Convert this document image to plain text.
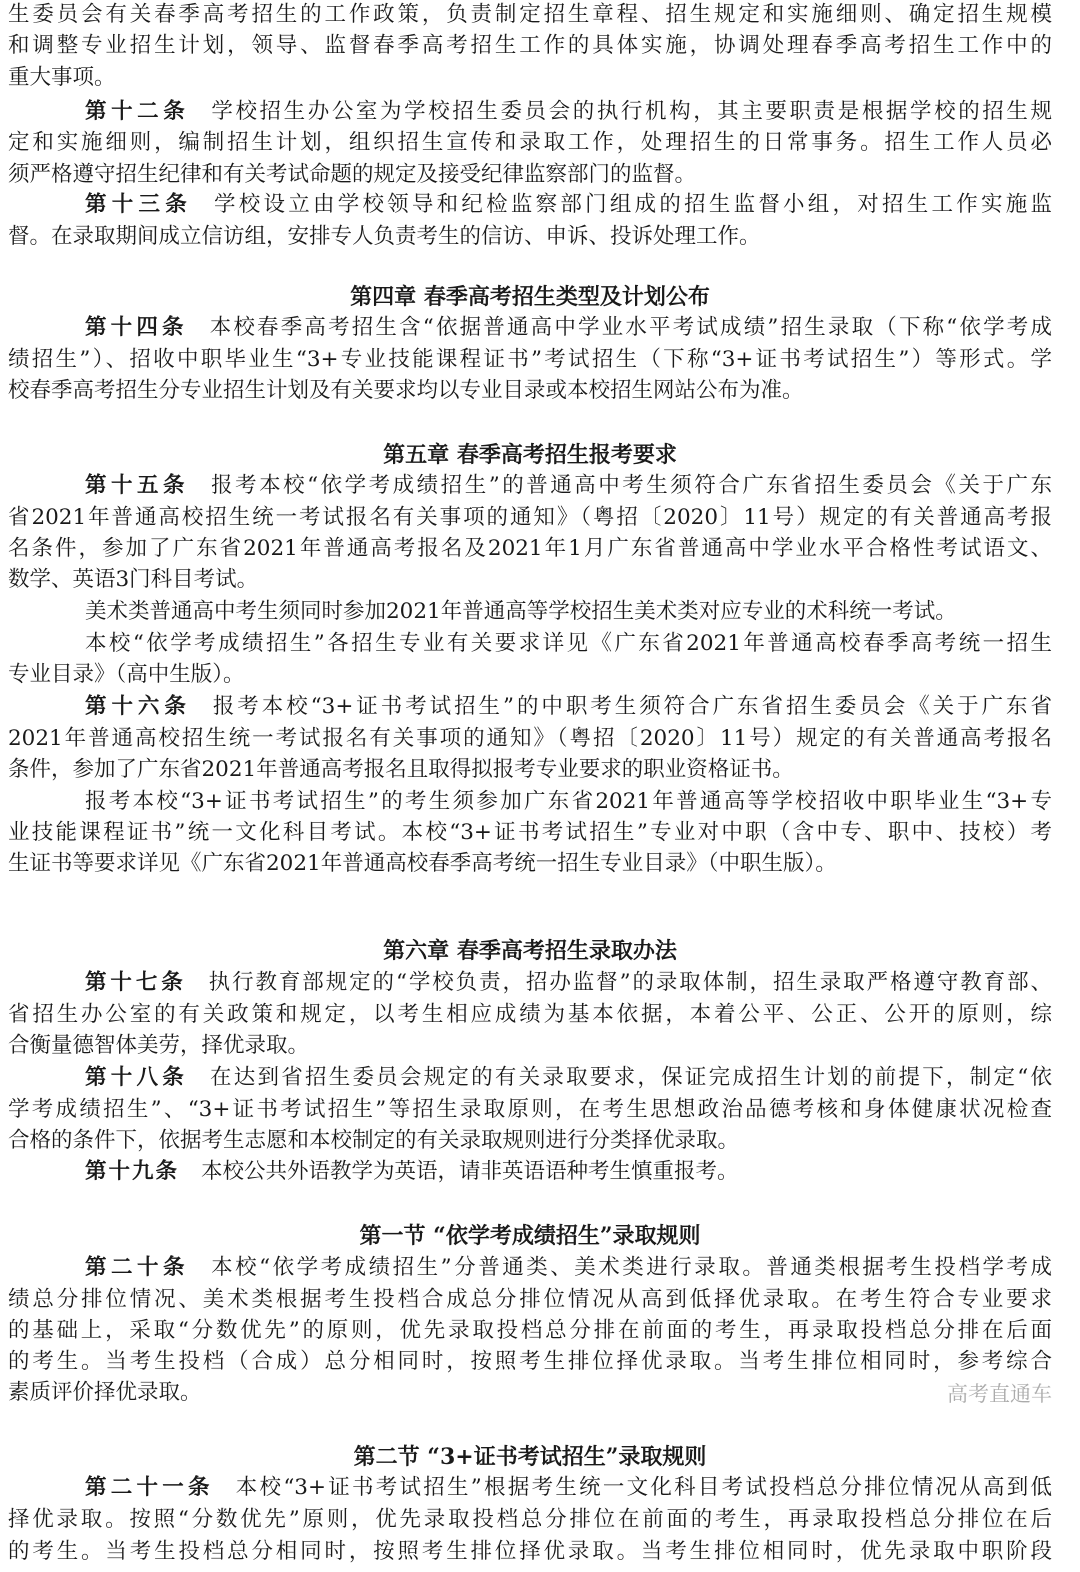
生委员会有关春季高考招生的工作政策，负责制定招生章程、招生规定和实施细则、确定招生规模
和调整专业招生计划，领导、监督春季高考招生工作的具体实施，协调处理春季高考招生工作中的
重大事项。
第十二条 学校招生办公室为学校招生委员会的执行机构，其主要职责是根据学校的招生规
定和实施细则，编制招生计划，组织招生宣传和录取工作，处理招生的日常事务。招生工作人员必
须严格遵守招生纪律和有关考试命题的规定及接受纪律监察部门的监督。
第十三条 学校设立由学校领导和纪检监察部门组成的招生监督小组，对招生工作实施监
督。在录取期间成立信访组，安排专人负责考生的信访、申诉、投诉处理工作。
第四章 春季高考招生类型及计划公布
第十四条 本校春季高考招生含“依据普通高中学业水平考试成绩”招生录取（下称“依学考成
绩招生”）、招收中职毕业生“3+专业技能课程证书”考试招生（下称“3+证书考试招生”）等形式。学
校春季高考招生分专业招生计划及有关要求均以专业目录或本校招生网站公布为准。
第五章 春季高考招生报考要求
第十五条 报考本校“依学考成绩招生”的普通高中考生须符合广东省招生委员会《关于广东
省2021年普通高校招生统一考试报名有关事项的通知》（粤招〔2020〕11号）规定的有关普通高考报
名条件，参加了广东省2021年普通高考报名及2021年1月广东省普通高中学业水平合格性考试语文、
数学、英语3门科目考试。
美术类普通高中考生须同时参加2021年普通高等学校招生美术类对应专业的术科统一考试。
本校“依学考成绩招生”各招生专业有关要求详见《广东省2021年普通高校春季高考统一招生
专业目录》（高中生版）。
第十六条 报考本校“3+证书考试招生”的中职考生须符合广东省招生委员会《关于广东省
2021年普通高校招生统一考试报名有关事项的通知》（粤招〔2020〕11号）规定的有关普通高考报名
条件，参加了广东省2021年普通高考报名且取得拟报考专业要求的职业资格证书。
报考本校“3+证书考试招生”的考生须参加广东省2021年普通高等学校招收中职毕业生“3+专
业技能课程证书”统一文化科目考试。本校“3+证书考试招生”专业对中职（含中专、职中、技校）考
生证书等要求详见《广东省2021年普通高校春季高考统一招生专业目录》（中职生版）。
第六章 春季高考招生录取办法
第十七条 执行教育部规定的“学校负责，招办监督”的录取体制，招生录取严格遵守教育部、
省招生办公室的有关政策和规定，以考生相应成绩为基本依据，本着公平、公正、公开的原则，综
合衡量德智体美劳，择优录取。
第十八条 在达到省招生委员会规定的有关录取要求，保证完成招生计划的前提下，制定“依
学考成绩招生”、“3+证书考试招生”等招生录取原则，在考生思想政治品德考核和身体健康状况检查
合格的条件下，依据考生志愿和本校制定的有关录取规则进行分类择优录取。
第十九条 本校公共外语教学为英语，请非英语语种考生慎重报考。
第一节 “依学考成绩招生”录取规则
第二十条 本校“依学考成绩招生”分普通类、美术类进行录取。普通类根据考生投档学考成
绩总分排位情况、美术类根据考生投档合成总分排位情况从高到低择优录取。在考生符合专业要求
的基础上，采取“分数优先”的原则，优先录取投档总分排在前面的考生，再录取投档总分排在后面
的考生。当考生投档（合成）总分相同时，按照考生排位择优录取。当考生排位相同时，参考综合
素质评价择优录取。
第二节 “3+证书考试招生”录取规则
第二十一条 本校“3+证书考试招生”根据考生统一文化科目考试投档总分排位情况从高到低
择优录取。按照“分数优先”原则，优先录取投档总分排位在前面的考生，再录取投档总分排位在后
的考生。当考生投档总分相同时，按照考生排位择优录取。当考生排位相同时，优先录取中职阶段
高考直通车
